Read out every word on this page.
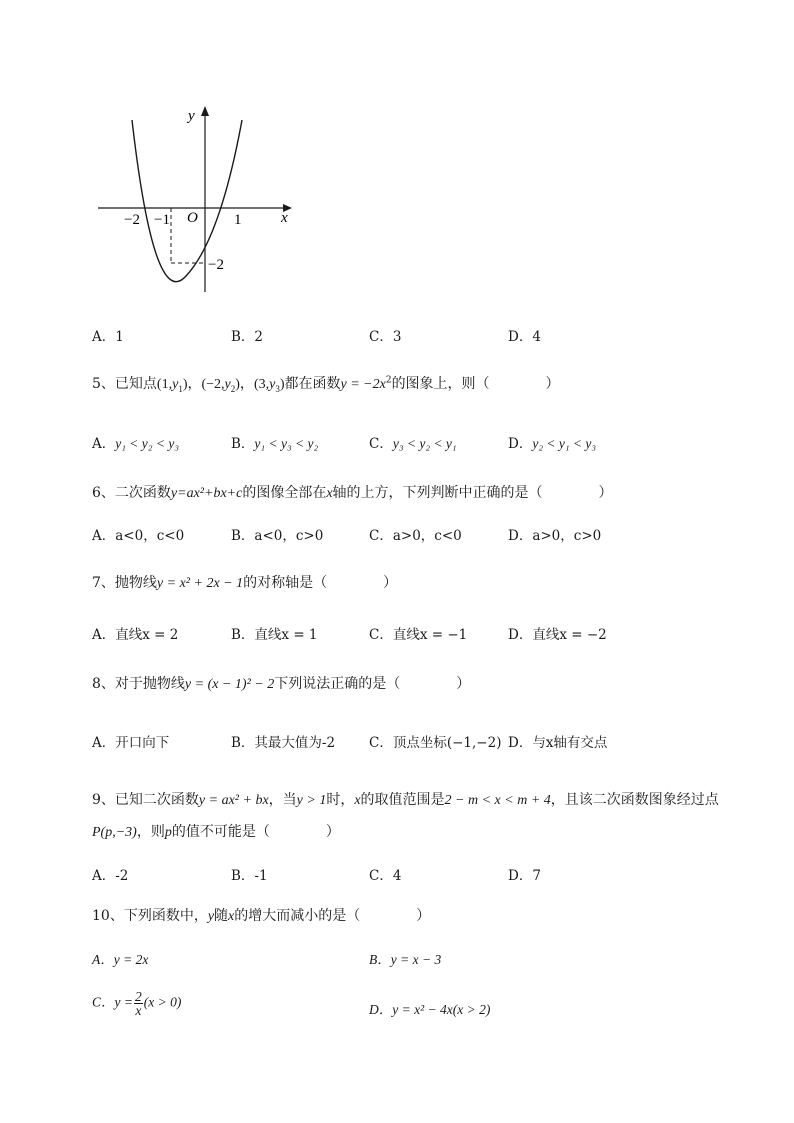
y
x
O
−2 −1	1
−2
A．1	B．2	C．3	D．4
5、已知点$(1,y_1)$，$(-2,y_2)$，$(3,y_3)$都在函数$y = -2x^2$的图象上，则（　　　　）
A．y₁ < y₂ < y₃	B．y₁ < y₃ < y₂	C．y₃ < y₂ < y₁	D．y₂ < y₁ < y₃
6、二次函数y=ax²+bx+c的图像全部在x轴的上方，下列判断中正确的是（　　　　）
A．a<0，c<0	B．a<0，c>0	C．a>0，c<0	D．a>0，c>0
7、抛物线y = x² + 2x − 1的对称轴是（　　　　）
A．直线x = 2	B．直线x = 1	C．直线x = −1	D．直线x = −2
8、对于抛物线y = (x − 1)² − 2下列说法正确的是（　　　　）
A．开口向下	B．其最大值为-2	C．顶点坐标(−1,−2) D．与x轴有交点
9、已知二次函数y = ax² + bx，当y > 1时，x的取值范围是2 − m < x < m + 4，且该二次函数图象经过点
P(p,−3)，则p的值不可能是（　　　　）
A．-2	B．-1	C．4	D．7
10、下列函数中，y随x的增大而减小的是（　　　　）
A．y = 2x	B．y = x − 3
C．$y = \frac{2}{x} (x > 0)$	D．y = x² − 4x(x > 2)
